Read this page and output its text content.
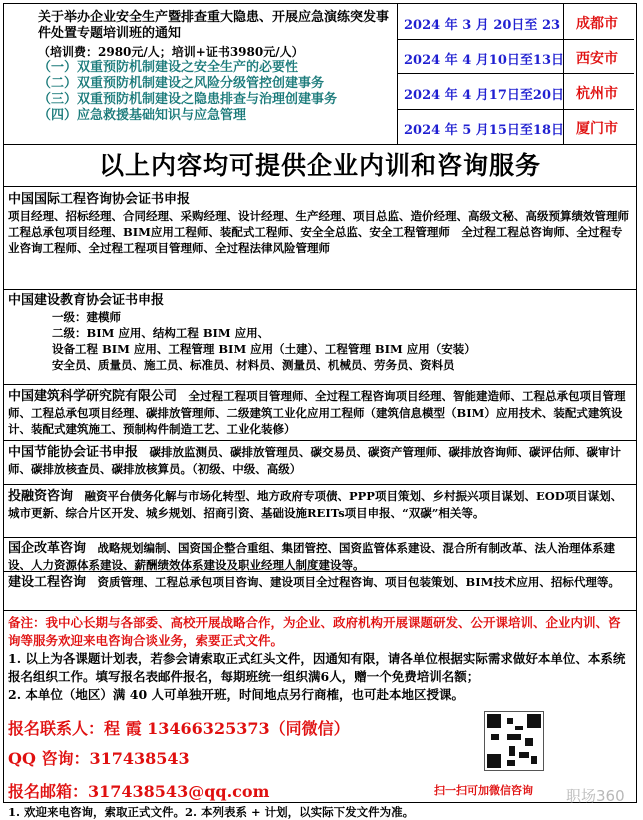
关于举办企业安全生产暨排查重大隐患、开展应急演练突发事件处置专题培训班的通知
（培训费：2980元/人；培训+证书3980元/人）
（一）双重预防机制建设之安全生产的必要性
（二）双重预防机制建设之风险分级管控创建事务
（三）双重预防机制建设之隐患排查与治理创建事务
（四）应急救援基础知识与应急管理
2024 年 3 月 20日至 23 成都市
2024 年 4 月10日至13日 西安市
2024 年 4 月17日至20日 杭州市
2024 年 5 月15日至18日 厦门市
以上内容均可提供企业内训和咨询服务
中国国际工程咨询协会证书申报
项目经理、招标经理、合同经理、采购经理、设计经理、生产经理、项目总监、造价经理、高级文秘、高级预算绩效管理师　工程总承包项目经理、BIM应用工程师、装配式工程师、安全全总监、安全工程管理师　全过程工程总咨询师、全过程专业咨询工程师、全过程工程项目管理师、全过程法律风险管理师
中国建设教育协会证书申报
一级：建模师
二级：BIM 应用、结构工程 BIM 应用、
设备工程 BIM 应用、工程管理 BIM 应用（土建）、工程管理 BIM 应用（安装）
安全员、质量员、施工员、标准员、材料员、测量员、机械员、劳务员、资料员
中国建筑科学研究院有限公司　 全过程工程项目管理师、全过程工程咨询项目经理、智能建造师、工程总承包项目管理师、工程总承包项目经理、碳排放管理师、二级建筑工业化应用工程师（建筑信息模型（BIM）应用技术、装配式建筑设计、装配式建筑施工、预制构件制造工艺、工业化装修）
中国节能协会证书申报　 碳排放监测员、碳排放管理员、碳交易员、碳资产管理师、碳排放咨询师、碳评估师、碳审计师、碳排放核查员、碳排放核算员。（初级、中级、高级）
投融资咨询　 融资平台债务化解与市场化转型、地方政府专项债、PPP项目策划、乡村振兴项目谋划、EOD项目谋划、城市更新、综合片区开发、城乡规划、招商引资、基础设施REITs项目申报、“双碳”相关等。
国企改革咨询　 战略规划编制、国资国企整合重组、集团管控、国资监管体系建设、混合所有制改革、法人治理体系建设、人力资源体系建设、薪酬绩效体系建设及职业经理人制度建设等。
建设工程咨询　 资质管理、工程总承包项目咨询、建设项目全过程咨询、项目包装策划、BIM技术应用、招标代理等。
备注：我中心长期与各部委、高校开展战略合作，为企业、政府机构开展课题研发、公开课培训、企业内训、咨询等服务欢迎来电咨询合谈业务，索要正式文件。
1. 以上为各课题计划表，若参会请索取正式红头文件，因通知有限，请各单位根据实际需求做好本单位、本系统报名组织工作。填写报名表邮件报名，每期班统一组织满6人，赠一个免费培训名额；
2. 本单位（地区）满 40 人可单独开班，时间地点另行商榷，也可赴本地区授课。
报名联系人：程 霞 13466325373（同微信）
QQ 咨询：317438543
报名邮箱：317438543@qq.com	扫一扫可加微信咨询 职场360
1. 欢迎来电咨询，索取正式文件。2. 本列表系 + 计划，以实际下发文件为准。
